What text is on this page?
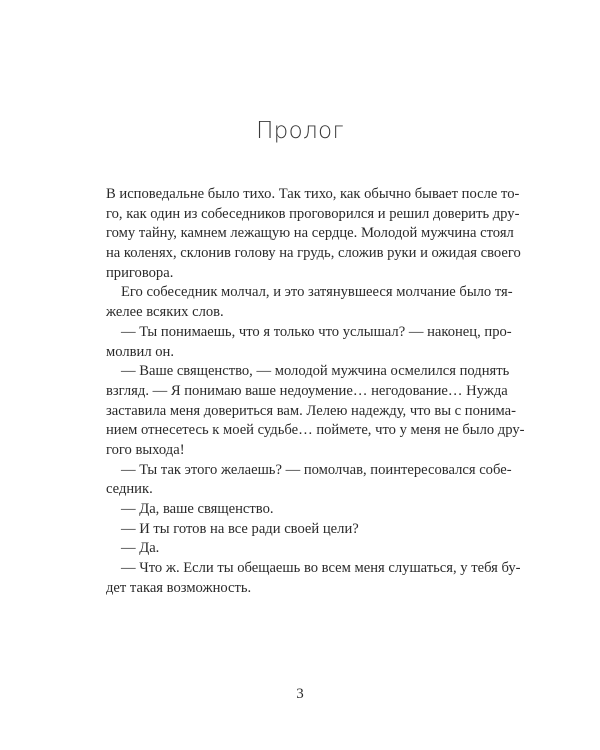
Пролог
В исповедальне было тихо. Так тихо, как обычно бывает после то-
го, как один из собеседников проговорился и решил доверить дру-
гому тайну, камнем лежащую на сердце. Молодой мужчина стоял
на коленях, склонив голову на грудь, сложив руки и ожидая своего
приговора.
Его собеседник молчал, и это затянувшееся молчание было тя-
желее всяких слов.
— Ты понимаешь, что я только что услышал? — наконец, про-
молвил он.
— Ваше священство, — молодой мужчина осмелился поднять
взгляд. — Я понимаю ваше недоумение… негодование… Нужда
заставила меня довериться вам. Лелею надежду, что вы с понима-
нием отнесетесь к моей судьбе… поймете, что у меня не было дру-
гого выхода!
— Ты так этого желаешь? — помолчав, поинтересовался собе-
седник.
— Да, ваше священство.
— И ты готов на все ради своей цели?
— Да.
— Что ж. Если ты обещаешь во всем меня слушаться, у тебя бу-
дет такая возможность.
3
